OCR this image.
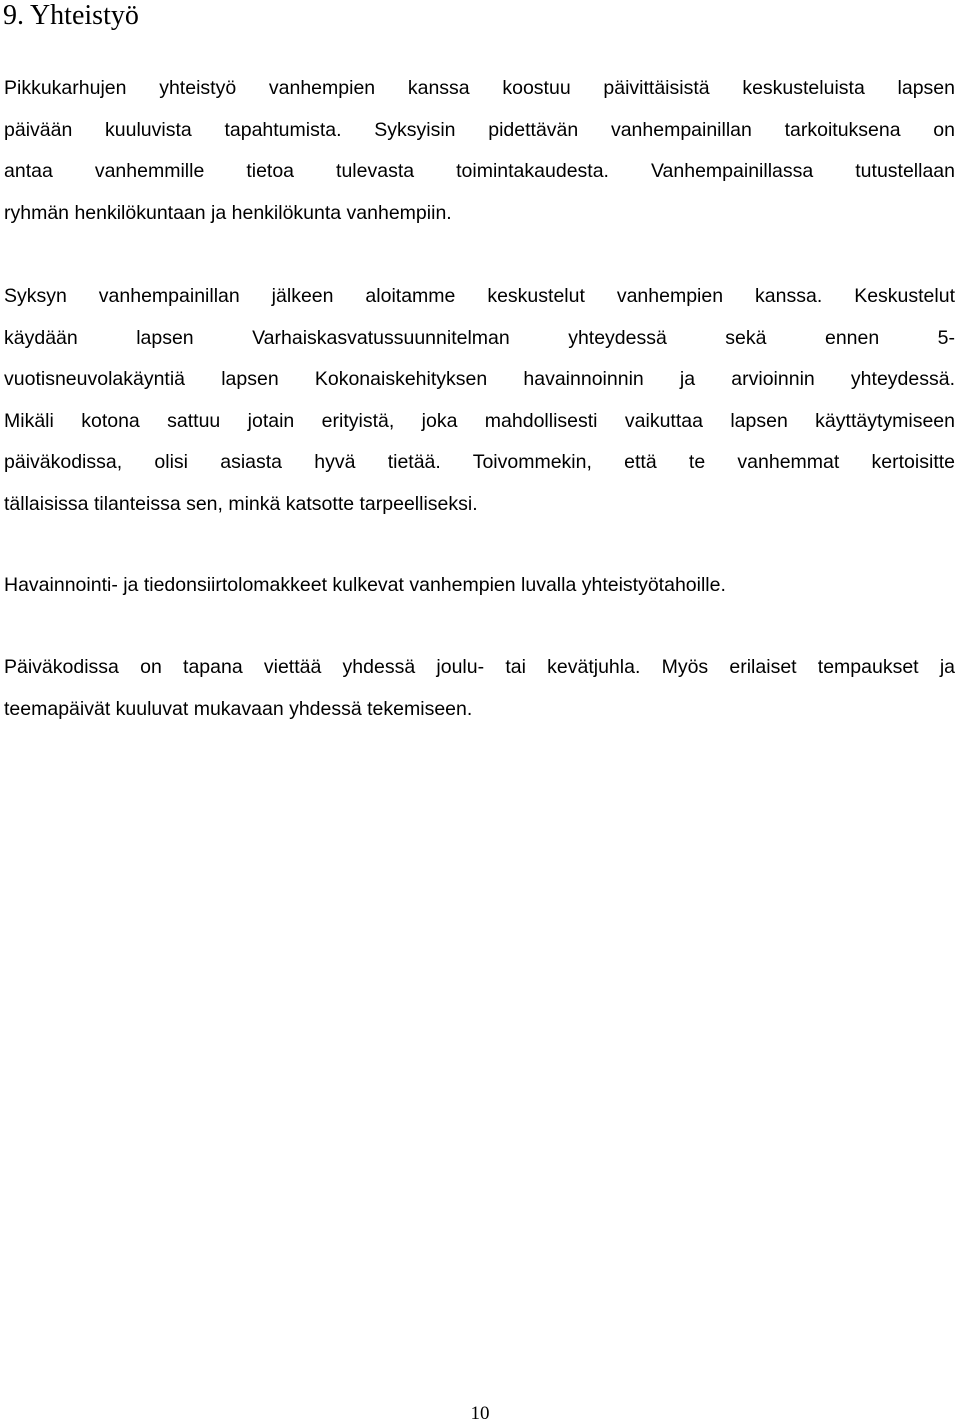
9. Yhteistyö
Pikkukarhujen yhteistyö vanhempien kanssa koostuu päivittäisistä keskusteluista lapsen
päivään kuuluvista tapahtumista. Syksyisin pidettävän vanhempainillan tarkoituksena on
antaa vanhemmille tietoa tulevasta toimintakaudesta. Vanhempainillassa tutustellaan
ryhmän henkilökuntaan ja henkilökunta vanhempiin.
Syksyn vanhempainillan jälkeen aloitamme keskustelut vanhempien kanssa. Keskustelut
käydään lapsen Varhaiskasvatussuunnitelman yhteydessä sekä ennen 5-
vuotisneuvolakäyntiä lapsen Kokonaiskehityksen havainnoinnin ja arvioinnin yhteydessä.
Mikäli kotona sattuu jotain erityistä, joka mahdollisesti vaikuttaa lapsen käyttäytymiseen
päiväkodissa, olisi asiasta hyvä tietää. Toivommekin, että te vanhemmat kertoisitte
tällaisissa tilanteissa sen, minkä katsotte tarpeelliseksi.
Havainnointi- ja tiedonsiirtolomakkeet kulkevat vanhempien luvalla yhteistyötahoille.
Päiväkodissa on tapana viettää yhdessä joulu- tai kevätjuhla. Myös erilaiset tempaukset ja
teemapäivät kuuluvat mukavaan yhdessä tekemiseen.
10
